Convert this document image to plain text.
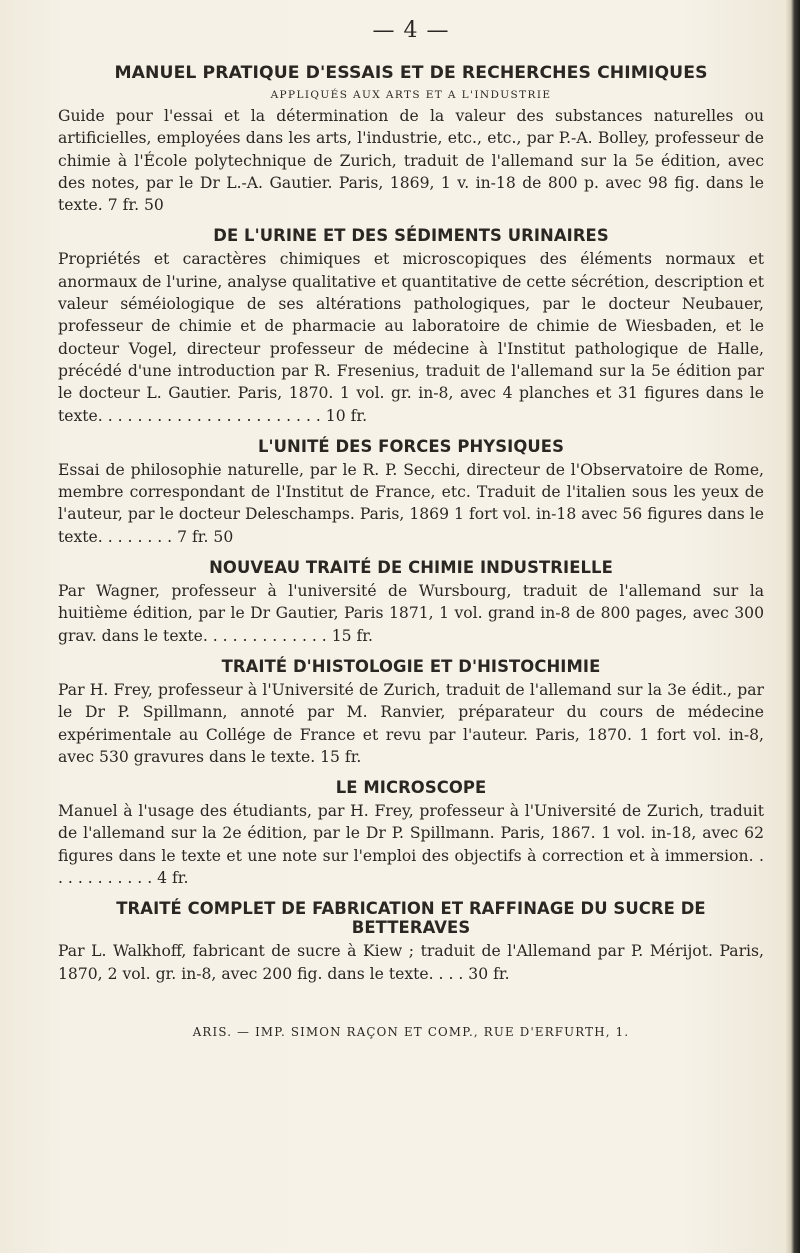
— 4 —
MANUEL PRATIQUE D'ESSAIS ET DE RECHERCHES CHIMIQUES
APPLIQUÉS AUX ARTS ET A L'INDUSTRIE

Guide pour l'essai et la détermination de la valeur des substances naturelles ou artificielles, employées dans les arts, l'industrie, etc., etc., par P.-A. Bolley, professeur de chimie à l'École polytechnique de Zurich, traduit de l'allemand sur la 5e édition, avec des notes, par le Dr L.-A. Gautier. Paris, 1869, 1 v. in-18 de 800 p. avec 98 fig. dans le texte. 7 fr. 50

DE L'URINE ET DES SÉDIMENTS URINAIRES

Propriétés et caractères chimiques et microscopiques des éléments normaux et anormaux de l'urine, analyse qualitative et quantitative de cette sécrétion, description et valeur séméiologique de ses altérations pathologiques, par le docteur Neubauer, professeur de chimie et de pharmacie au laboratoire de chimie de Wiesbaden, et le docteur Vogel, directeur professeur de médecine à l'Institut pathologique de Halle, précédé d'une introduction par R. Fresenius, traduit de l'allemand sur la 5e édition par le docteur L. Gautier. Paris, 1870. 1 vol. gr. in-8, avec 4 planches et 31 figures dans le texte. . . . . . . . . . . . . . . . . . . . . . . 10 fr.

L'UNITÉ DES FORCES PHYSIQUES

Essai de philosophie naturelle, par le R. P. Secchi, directeur de l'Observatoire de Rome, membre correspondant de l'Institut de France, etc. Traduit de l'italien sous les yeux de l'auteur, par le docteur Deleschamps. Paris, 1869 1 fort vol. in-18 avec 56 figures dans le texte. . . . . . . . 7 fr. 50

NOUVEAU TRAITÉ DE CHIMIE INDUSTRIELLE

Par Wagner, professeur à l'université de Wursbourg, traduit de l'allemand sur la huitième édition, par le Dr Gautier, Paris 1871, 1 vol. grand in-8 de 800 pages, avec 300 grav. dans le texte. . . . . . . . . . . . . 15 fr.

TRAITÉ D'HISTOLOGIE ET D'HISTOCHIMIE

Par H. Frey, professeur à l'Université de Zurich, traduit de l'allemand sur la 3e édit., par le Dr P. Spillmann, annoté par M. Ranvier, préparateur du cours de médecine expérimentale au Collége de France et revu par l'auteur. Paris, 1870. 1 fort vol. in-8, avec 530 gravures dans le texte. 15 fr.

LE MICROSCOPE

Manuel à l'usage des étudiants, par H. Frey, professeur à l'Université de Zurich, traduit de l'allemand sur la 2e édition, par le Dr P. Spillmann. Paris, 1867. 1 vol. in-18, avec 62 figures dans le texte et une note sur l'emploi des objectifs à correction et à immersion. . . . . . . . . . . . 4 fr.

TRAITÉ COMPLET DE FABRICATION ET RAFFINAGE DU SUCRE DE BETTERAVES

Par L. Walkhoff, fabricant de sucre à Kiew ; traduit de l'Allemand par P. Mérijot. Paris, 1870, 2 vol. gr. in-8, avec 200 fig. dans le texte. . . . 30 fr.

ARIS. — IMP. SIMON RAÇON ET COMP., RUE D'ERFURTH, 1.
